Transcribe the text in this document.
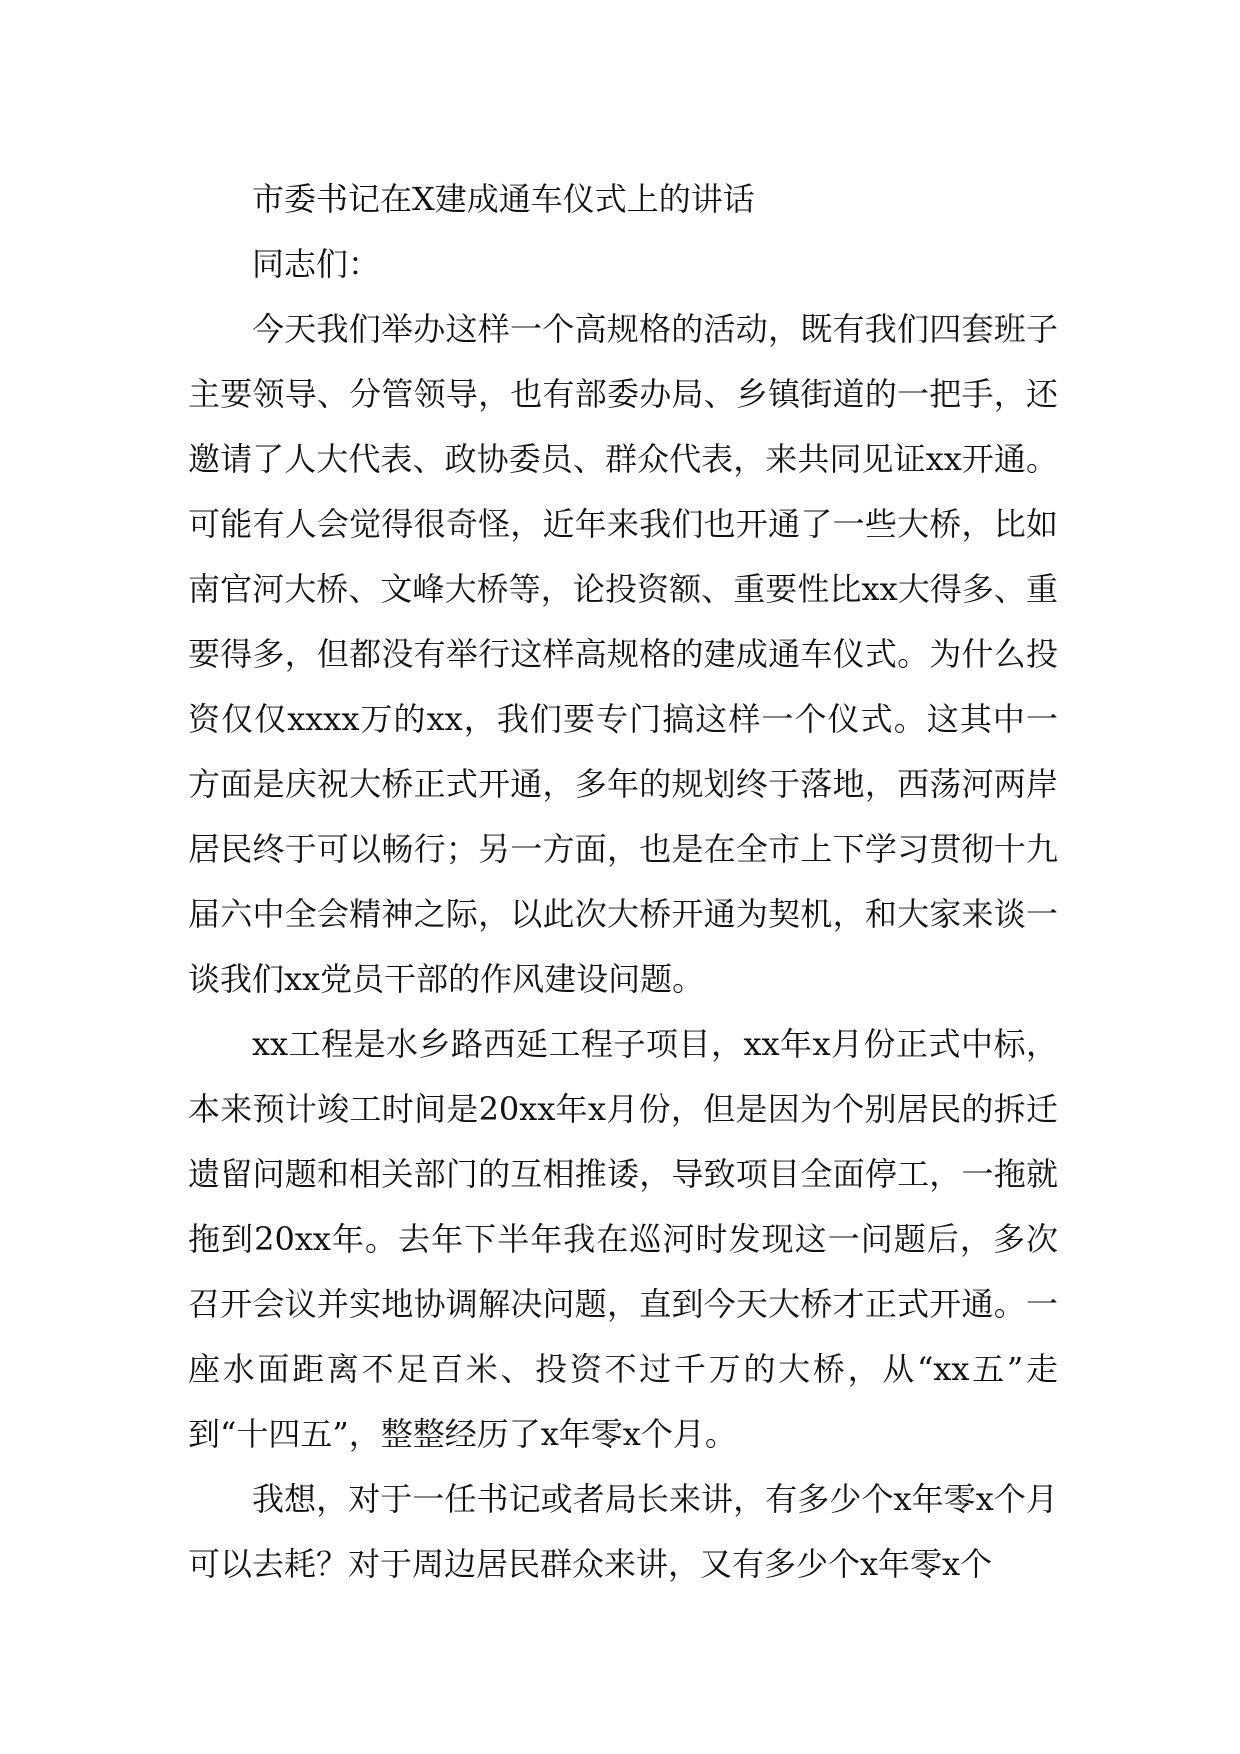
市委书记在X建成通车仪式上的讲话

同志们：

今天我们举办这样一个高规格的活动，既有我们四套班子主要领导、分管领导，也有部委办局、乡镇街道的一把手，还邀请了人大代表、政协委员、群众代表，来共同见证xx开通。可能有人会觉得很奇怪，近年来我们也开通了一些大桥，比如南官河大桥、文峰大桥等，论投资额、重要性比xx大得多、重要得多，但都没有举行这样高规格的建成通车仪式。为什么投资仅仅xxxx万的xx，我们要专门搞这样一个仪式。这其中一方面是庆祝大桥正式开通，多年的规划终于落地，西荡河两岸居民终于可以畅行；另一方面，也是在全市上下学习贯彻十九届六中全会精神之际，以此次大桥开通为契机，和大家来谈一谈我们xx党员干部的作风建设问题。

xx工程是水乡路西延工程子项目，xx年x月份正式中标，本来预计竣工时间是20xx年x月份，但是因为个别居民的拆迁遗留问题和相关部门的互相推诿，导致项目全面停工，一拖就拖到20xx年。去年下半年我在巡河时发现这一问题后，多次召开会议并实地协调解决问题，直到今天大桥才正式开通。一座水面距离不足百米、投资不过千万的大桥，从“xx五”走到“十四五”，整整经历了x年零x个月。

我想，对于一任书记或者局长来讲，有多少个x年零x个月可以去耗？对于周边居民群众来讲，又有多少个x年零x个
